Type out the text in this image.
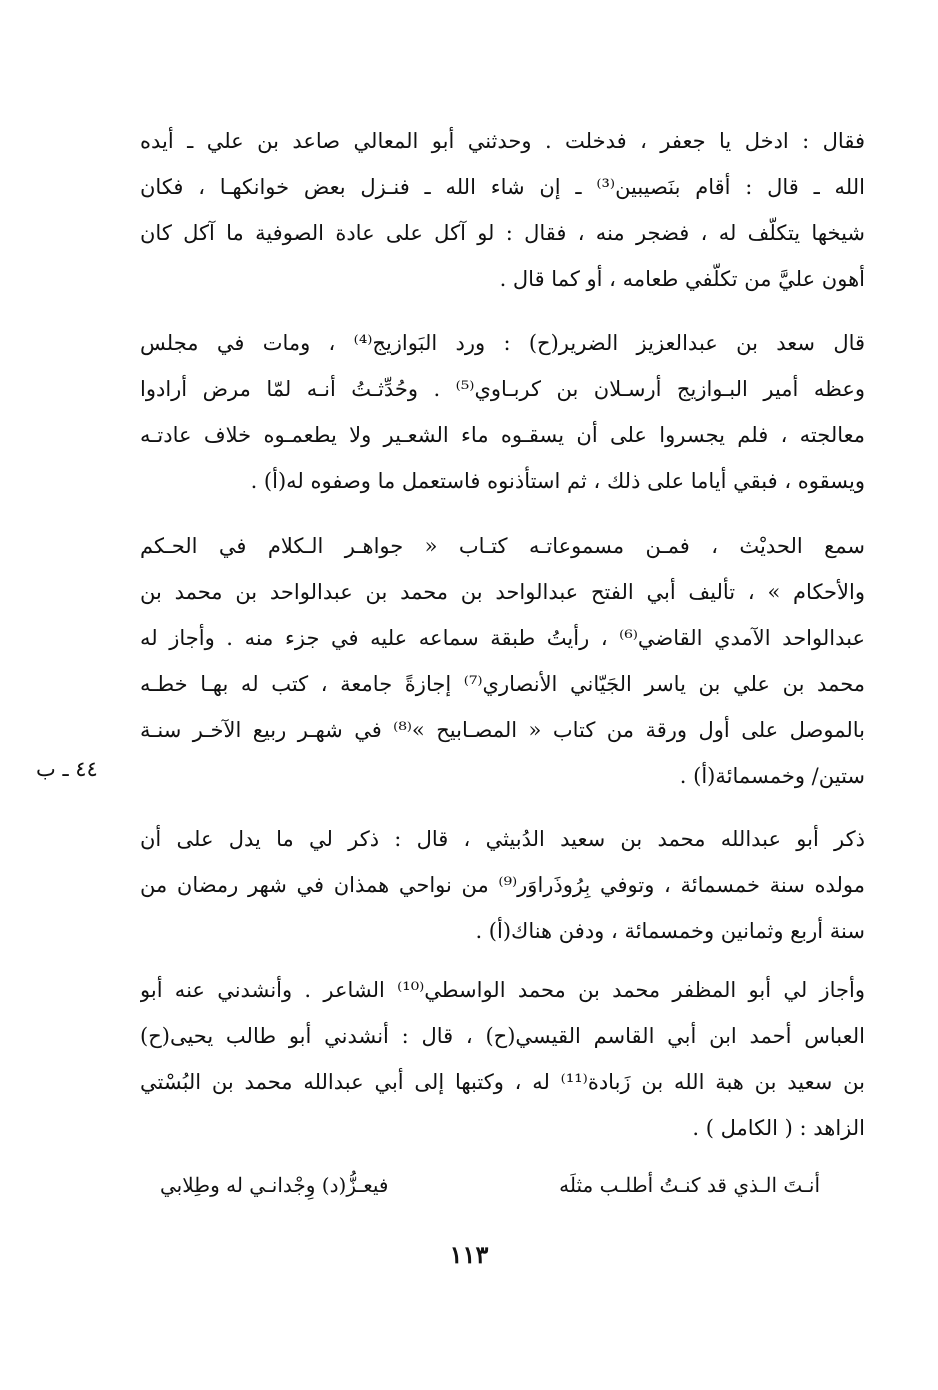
فقال : ادخل يا جعفر ، فدخلت . وحدثني أبو المعالي صاعد بن علي ـ أيده
الله ـ قال : أقام بنَصيبين⁽³⁾ ـ إن شاء الله ـ فنـزل بعض خوانكهـا ، فكان
شيخها يتكلّف له ، فضجر منه ، فقال : لو آكل على عادة الصوفية ما آكل كان
أهون عليَّ من تكلّفي طعامه ، أو كما قال .
قال سعد بن عبدالعزيز الضرير(ح) : ورد البَوازيج⁽⁴⁾ ، ومات في مجلس
وعظه أمير البـوازيج أرسـلان بن كربـاوي⁽⁵⁾ . وحُدِّثـتُ أنـه لمّا مرض أرادوا
معالجته ، فلم يجسروا على أن يسقـوه ماء الشعـير ولا يطعمـوه خلاف عادتـه
ويسقوه ، فبقي أياما على ذلك ، ثم استأذنوه فاستعمل ما وصفوه له(أ) .
سمع الحديْث ، فمـن مسموعاتـه كتـاب « جواهـر الـكلام في الحـكم
والأحكام » ، تأليف أبي الفتح عبدالواحد بن محمد بن عبدالواحد بن محمد بن
عبدالواحد الآمدي القاضي⁽⁶⁾ ، رأيتُ طبقة سماعه عليه في جزء منه . وأجاز له
محمد بن علي بن ياسر الجَيّاني الأنصاري⁽⁷⁾ إجازةً جامعة ، كتب له بهـا خطـه
بالموصل على أول ورقة من كتاب « المصـابيح »⁽⁸⁾ في شهـر ربيع الآخـر سنـة
ستين/ وخمسمائة(أ) .
٤٤ ـ ب
ذكر أبو عبدالله محمد بن سعيد الدُبيثي ، قال : ذكر لي ما يدل على أن
مولده سنة خمسمائة ، وتوفي بِرُوذَراوَر⁽⁹⁾ من نواحي همذان في شهر رمضان من
سنة أربع وثمانين وخمسمائة ، ودفن هناك(أ) .
وأجاز لي أبو المظفر محمد بن محمد الواسطي⁽¹⁰⁾ الشاعر . وأنشدني عنه أبو
العباس أحمد ابن أبي القاسم القيسي(ح) ، قال : أنشدني أبو طالب يحيى(ح)
بن سعيد بن هبة الله بن زَبادة⁽¹¹⁾ له ، وكتبها إلى أبي عبدالله محمد بن البُسْتي
الزاهد : ( الكامل ) .
أنـتَ الـذي قد كنـتُ أطلـب مثلَه
فيعـزُّ(د) وِجْدانـي له وطِلابي
١١٣
